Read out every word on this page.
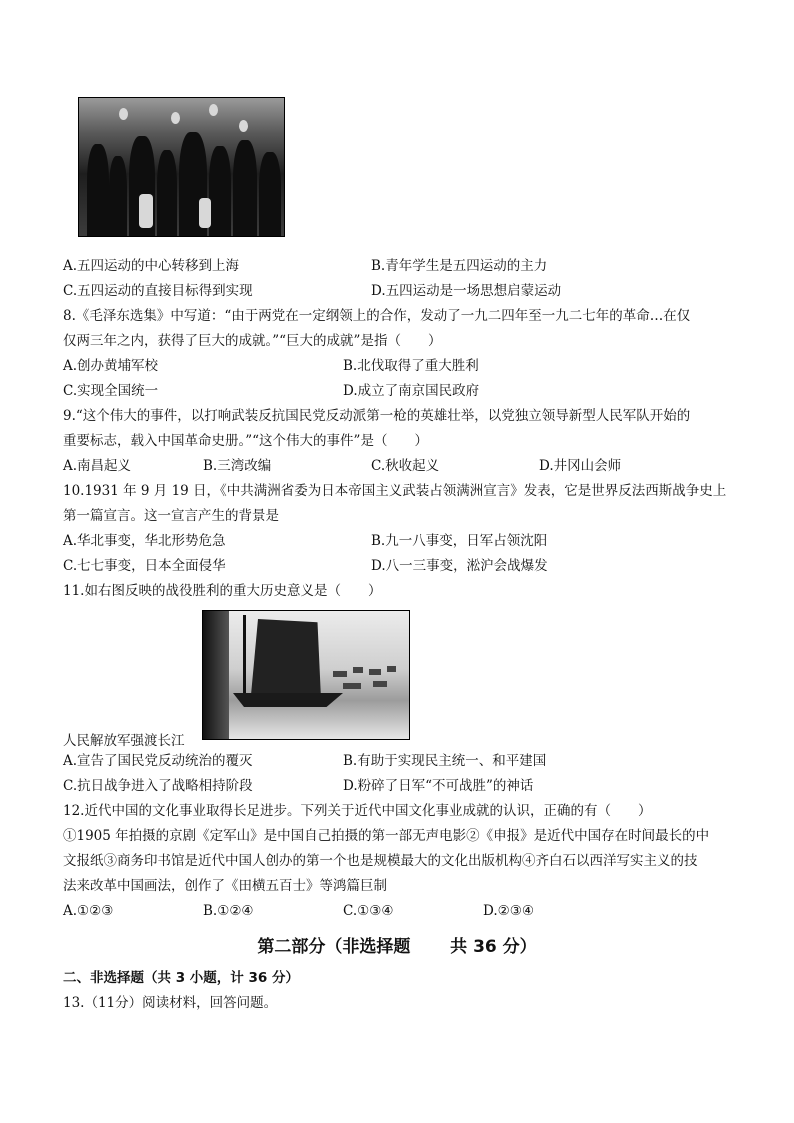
A.五四运动的中心转移到上海	B.青年学生是五四运动的主力
C.五四运动的直接目标得到实现	D.五四运动是一场思想启蒙运动
8.《毛泽东选集》中写道：“由于两党在一定纲领上的合作，发动了一九二四年至一九二七年的革命…在仅
仅两三年之内，获得了巨大的成就。”“巨大的成就”是指（　　）
A.创办黄埔军校	B.北伐取得了重大胜利
C.实现全国统一	D.成立了南京国民政府
9.“这个伟大的事件，以打响武装反抗国民党反动派第一枪的英雄壮举，以党独立领导新型人民军队开始的
重要标志，载入中国革命史册。”“这个伟大的事件”是（　　）
A.南昌起义	B.三湾改编	C.秋收起义	D.井冈山会师
10.1931 年 9 月 19 日，《中共满洲省委为日本帝国主义武装占领满洲宣言》发表，它是世界反法西斯战争史上
第一篇宣言。这一宣言产生的背景是
A.华北事变，华北形势危急	B.九一八事变，日军占领沈阳
C.七七事变，日本全面侵华	D.八一三事变，淞沪会战爆发
11.如右图反映的战役胜利的重大历史意义是（　　）
人民解放军强渡长江
A.宣告了国民党反动统治的覆灭	B.有助于实现民主统一、和平建国
C.抗日战争进入了战略相持阶段	D.粉碎了日军“不可战胜”的神话
12.近代中国的文化事业取得长足进步。下列关于近代中国文化事业成就的认识，正确的有（　　）
①1905 年拍摄的京剧《定军山》是中国自己拍摄的第一部无声电影②《申报》是近代中国存在时间最长的中
文报纸③商务印书馆是近代中国人创办的第一个也是规模最大的文化出版机构④齐白石以西洋写实主义的技
法来改革中国画法，创作了《田横五百士》等鸿篇巨制
A.①②③	B.①②④	C.①③④	D.②③④
第二部分（非选择题 共 36 分）
二、非选择题（共 3 小题，计 36 分）
13.（11分）阅读材料，回答问题。
